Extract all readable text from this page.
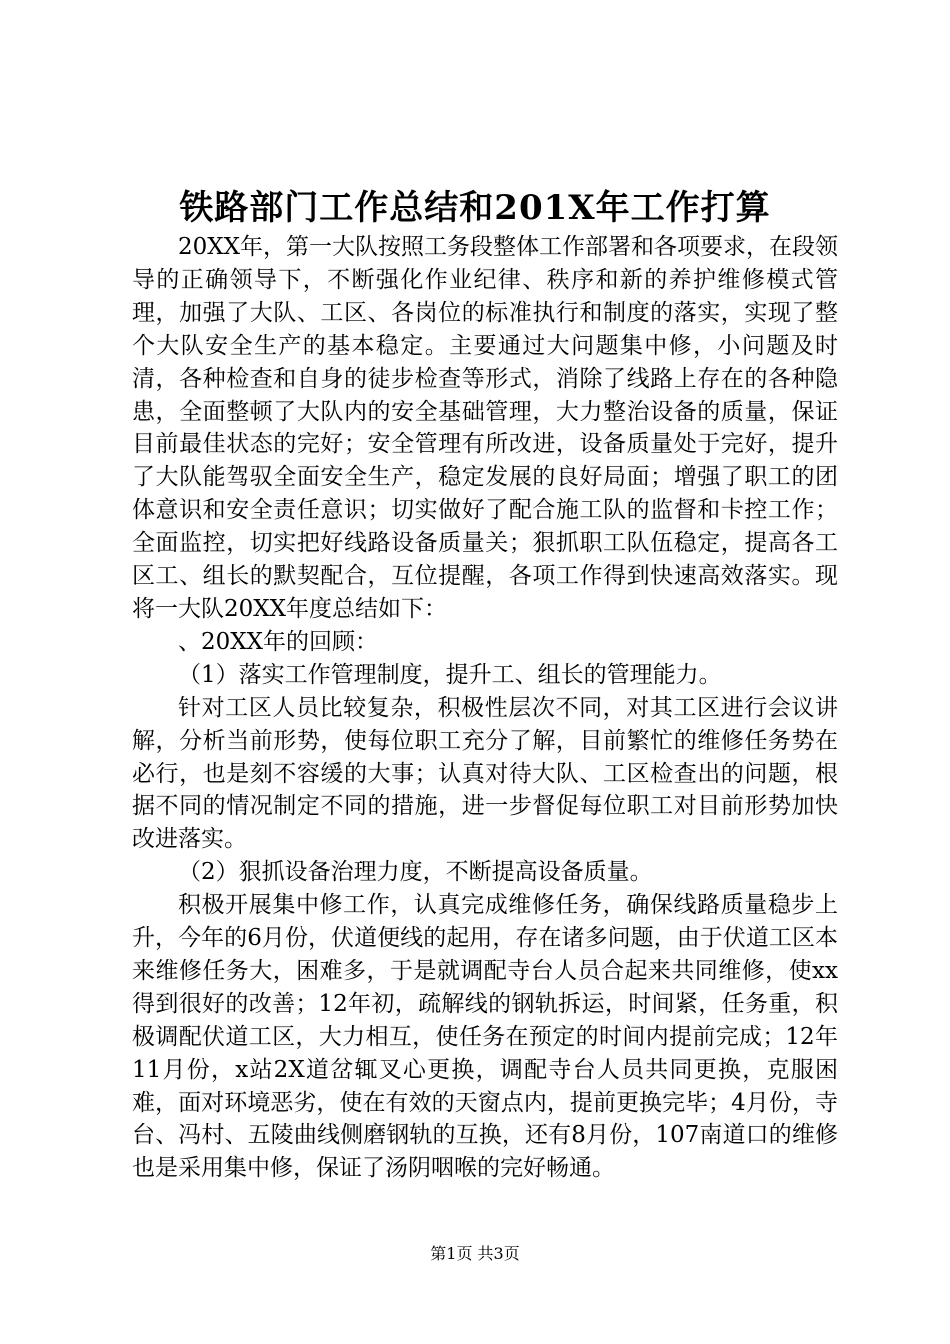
铁路部门工作总结和201X年工作打算

20XX年，第一大队按照工务段整体工作部署和各项要求，在段领导的正确领导下，不断强化作业纪律、秩序和新的养护维修模式管理，加强了大队、工区、各岗位的标准执行和制度的落实，实现了整个大队安全生产的基本稳定。主要通过大问题集中修，小问题及时清，各种检查和自身的徒步检查等形式，消除了线路上存在的各种隐患，全面整顿了大队内的安全基础管理，大力整治设备的质量，保证目前最佳状态的完好；安全管理有所改进，设备质量处于完好，提升了大队能驾驭全面安全生产，稳定发展的良好局面；增强了职工的团体意识和安全责任意识；切实做好了配合施工队的监督和卡控工作；全面监控，切实把好线路设备质量关；狠抓职工队伍稳定，提高各工区工、组长的默契配合，互位提醒，各项工作得到快速高效落实。现将一大队20XX年度总结如下：

、20XX年的回顾：

（1）落实工作管理制度，提升工、组长的管理能力。

针对工区人员比较复杂，积极性层次不同，对其工区进行会议讲解，分析当前形势，使每位职工充分了解，目前繁忙的维修任务势在必行，也是刻不容缓的大事；认真对待大队、工区检查出的问题，根据不同的情况制定不同的措施，进一步督促每位职工对目前形势加快改进落实。

（2）狠抓设备治理力度，不断提高设备质量。

积极开展集中修工作，认真完成维修任务，确保线路质量稳步上升，今年的6月份，伏道便线的起用，存在诸多问题，由于伏道工区本来维修任务大，困难多，于是就调配寺台人员合起来共同维修，使xx得到很好的改善；12年初，疏解线的钢轨拆运，时间紧，任务重，积极调配伏道工区，大力相互，使任务在预定的时间内提前完成；12年11月份，x站2X道岔辄叉心更换，调配寺台人员共同更换，克服困难，面对环境恶劣，使在有效的天窗点内，提前更换完毕；4月份，寺台、冯村、五陵曲线侧磨钢轨的互换，还有8月份，107南道口的维修也是采用集中修，保证了汤阴咽喉的完好畅通。

第1页 共3页
